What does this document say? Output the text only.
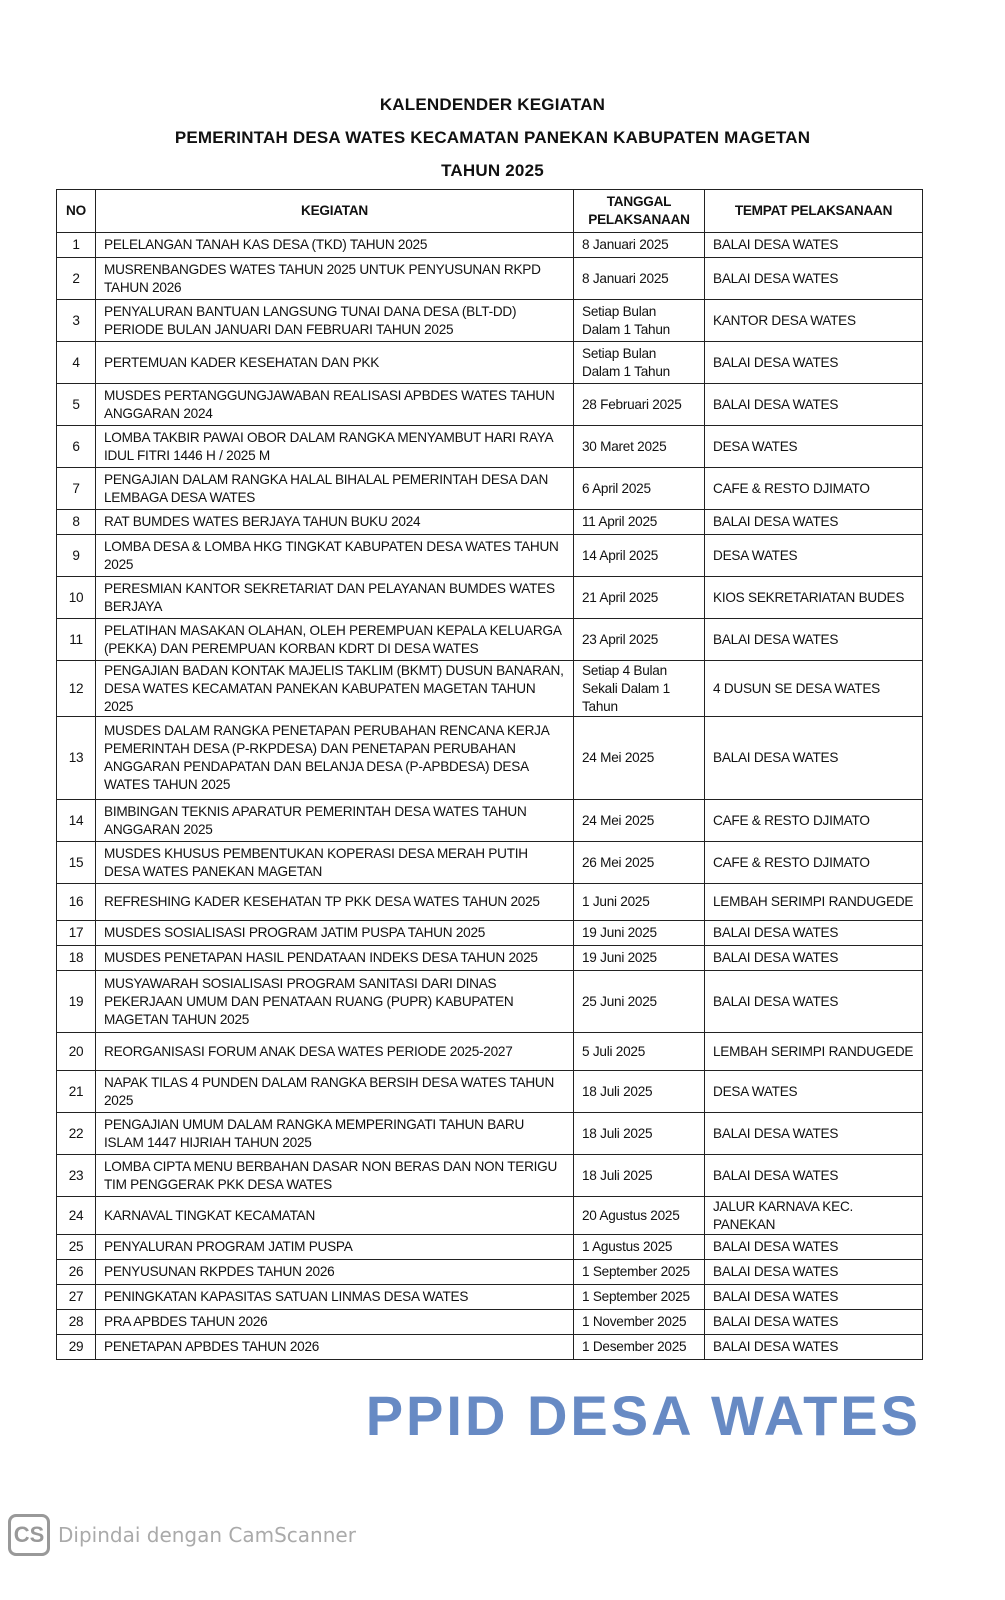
KALENDENDER KEGIATAN
PEMERINTAH DESA WATES KECAMATAN PANEKAN KABUPATEN MAGETAN
TAHUN 2025
NO	KEGIATAN	TANGGAL PELAKSANAAN	TEMPAT PELAKSANAAN
1	PELELANGAN TANAH KAS DESA (TKD) TAHUN 2025	8 Januari 2025	BALAI DESA WATES
2	MUSRENBANGDES WATES TAHUN 2025 UNTUK PENYUSUNAN RKPD TAHUN 2026	8 Januari 2025	BALAI DESA WATES
3	PENYALURAN BANTUAN LANGSUNG TUNAI DANA DESA (BLT-DD) PERIODE BULAN JANUARI DAN FEBRUARI TAHUN 2025	Setiap Bulan Dalam 1 Tahun	KANTOR DESA WATES
4	PERTEMUAN KADER KESEHATAN DAN PKK	Setiap Bulan Dalam 1 Tahun	BALAI DESA WATES
5	MUSDES PERTANGGUNGJAWABAN REALISASI APBDES WATES TAHUN ANGGARAN 2024	28 Februari 2025	BALAI DESA WATES
6	LOMBA TAKBIR PAWAI OBOR DALAM RANGKA MENYAMBUT HARI RAYA IDUL FITRI 1446 H / 2025 M	30 Maret 2025	DESA WATES
7	PENGAJIAN DALAM RANGKA HALAL BIHALAL PEMERINTAH DESA DAN LEMBAGA DESA WATES	6 April 2025	CAFE & RESTO DJIMATO
8	RAT BUMDES WATES BERJAYA TAHUN BUKU 2024	11 April 2025	BALAI DESA WATES
9	LOMBA DESA & LOMBA HKG TINGKAT KABUPATEN DESA WATES TAHUN 2025	14 April 2025	DESA WATES
10	PERESMIAN KANTOR SEKRETARIAT DAN PELAYANAN BUMDES WATES BERJAYA	21 April 2025	KIOS SEKRETARIATAN BUDES
11	PELATIHAN MASAKAN OLAHAN, OLEH PEREMPUAN KEPALA KELUARGA (PEKKA) DAN PEREMPUAN KORBAN KDRT DI DESA WATES	23 April 2025	BALAI DESA WATES
12	PENGAJIAN BADAN KONTAK MAJELIS TAKLIM (BKMT) DUSUN BANARAN, DESA WATES KECAMATAN PANEKAN KABUPATEN MAGETAN TAHUN 2025	Setiap 4 Bulan Sekali Dalam 1 Tahun	4 DUSUN SE DESA WATES
13	MUSDES DALAM RANGKA PENETAPAN PERUBAHAN RENCANA KERJA PEMERINTAH DESA (P-RKPDESA) DAN PENETAPAN PERUBAHAN ANGGARAN PENDAPATAN DAN BELANJA DESA (P-APBDESA) DESA WATES TAHUN 2025	24 Mei 2025	BALAI DESA WATES
14	BIMBINGAN TEKNIS APARATUR PEMERINTAH DESA WATES TAHUN ANGGARAN 2025	24 Mei 2025	CAFE & RESTO DJIMATO
15	MUSDES KHUSUS PEMBENTUKAN KOPERASI DESA MERAH PUTIH DESA WATES PANEKAN MAGETAN	26 Mei 2025	CAFE & RESTO DJIMATO
16	REFRESHING KADER KESEHATAN TP PKK DESA WATES TAHUN 2025	1 Juni 2025	LEMBAH SERIMPI RANDUGEDE
17	MUSDES SOSIALISASI PROGRAM JATIM PUSPA TAHUN 2025	19 Juni 2025	BALAI DESA WATES
18	MUSDES PENETAPAN HASIL PENDATAAN INDEKS DESA TAHUN 2025	19 Juni 2025	BALAI DESA WATES
19	MUSYAWARAH SOSIALISASI PROGRAM SANITASI DARI DINAS PEKERJAAN UMUM DAN PENATAAN RUANG (PUPR) KABUPATEN MAGETAN TAHUN 2025	25 Juni 2025	BALAI DESA WATES
20	REORGANISASI FORUM ANAK DESA WATES PERIODE 2025-2027	5 Juli 2025	LEMBAH SERIMPI RANDUGEDE
21	NAPAK TILAS 4 PUNDEN DALAM RANGKA BERSIH DESA WATES TAHUN 2025	18 Juli 2025	DESA WATES
22	PENGAJIAN UMUM DALAM RANGKA MEMPERINGATI TAHUN BARU ISLAM 1447 HIJRIAH TAHUN 2025	18 Juli 2025	BALAI DESA WATES
23	LOMBA CIPTA MENU BERBAHAN DASAR NON BERAS DAN NON TERIGU TIM PENGGERAK PKK DESA WATES	18 Juli 2025	BALAI DESA WATES
24	KARNAVAL TINGKAT KECAMATAN	20 Agustus 2025	JALUR KARNAVA KEC. PANEKAN
25	PENYALURAN PROGRAM JATIM PUSPA	1 Agustus 2025	BALAI DESA WATES
26	PENYUSUNAN RKPDES TAHUN 2026	1 September 2025	BALAI DESA WATES
27	PENINGKATAN KAPASITAS SATUAN LINMAS DESA WATES	1 September 2025	BALAI DESA WATES
28	PRA APBDES TAHUN 2026	1 November 2025	BALAI DESA WATES
29	PENETAPAN APBDES TAHUN 2026	1 Desember 2025	BALAI DESA WATES
PPID DESA WATES
CS Dipindai dengan CamScanner
